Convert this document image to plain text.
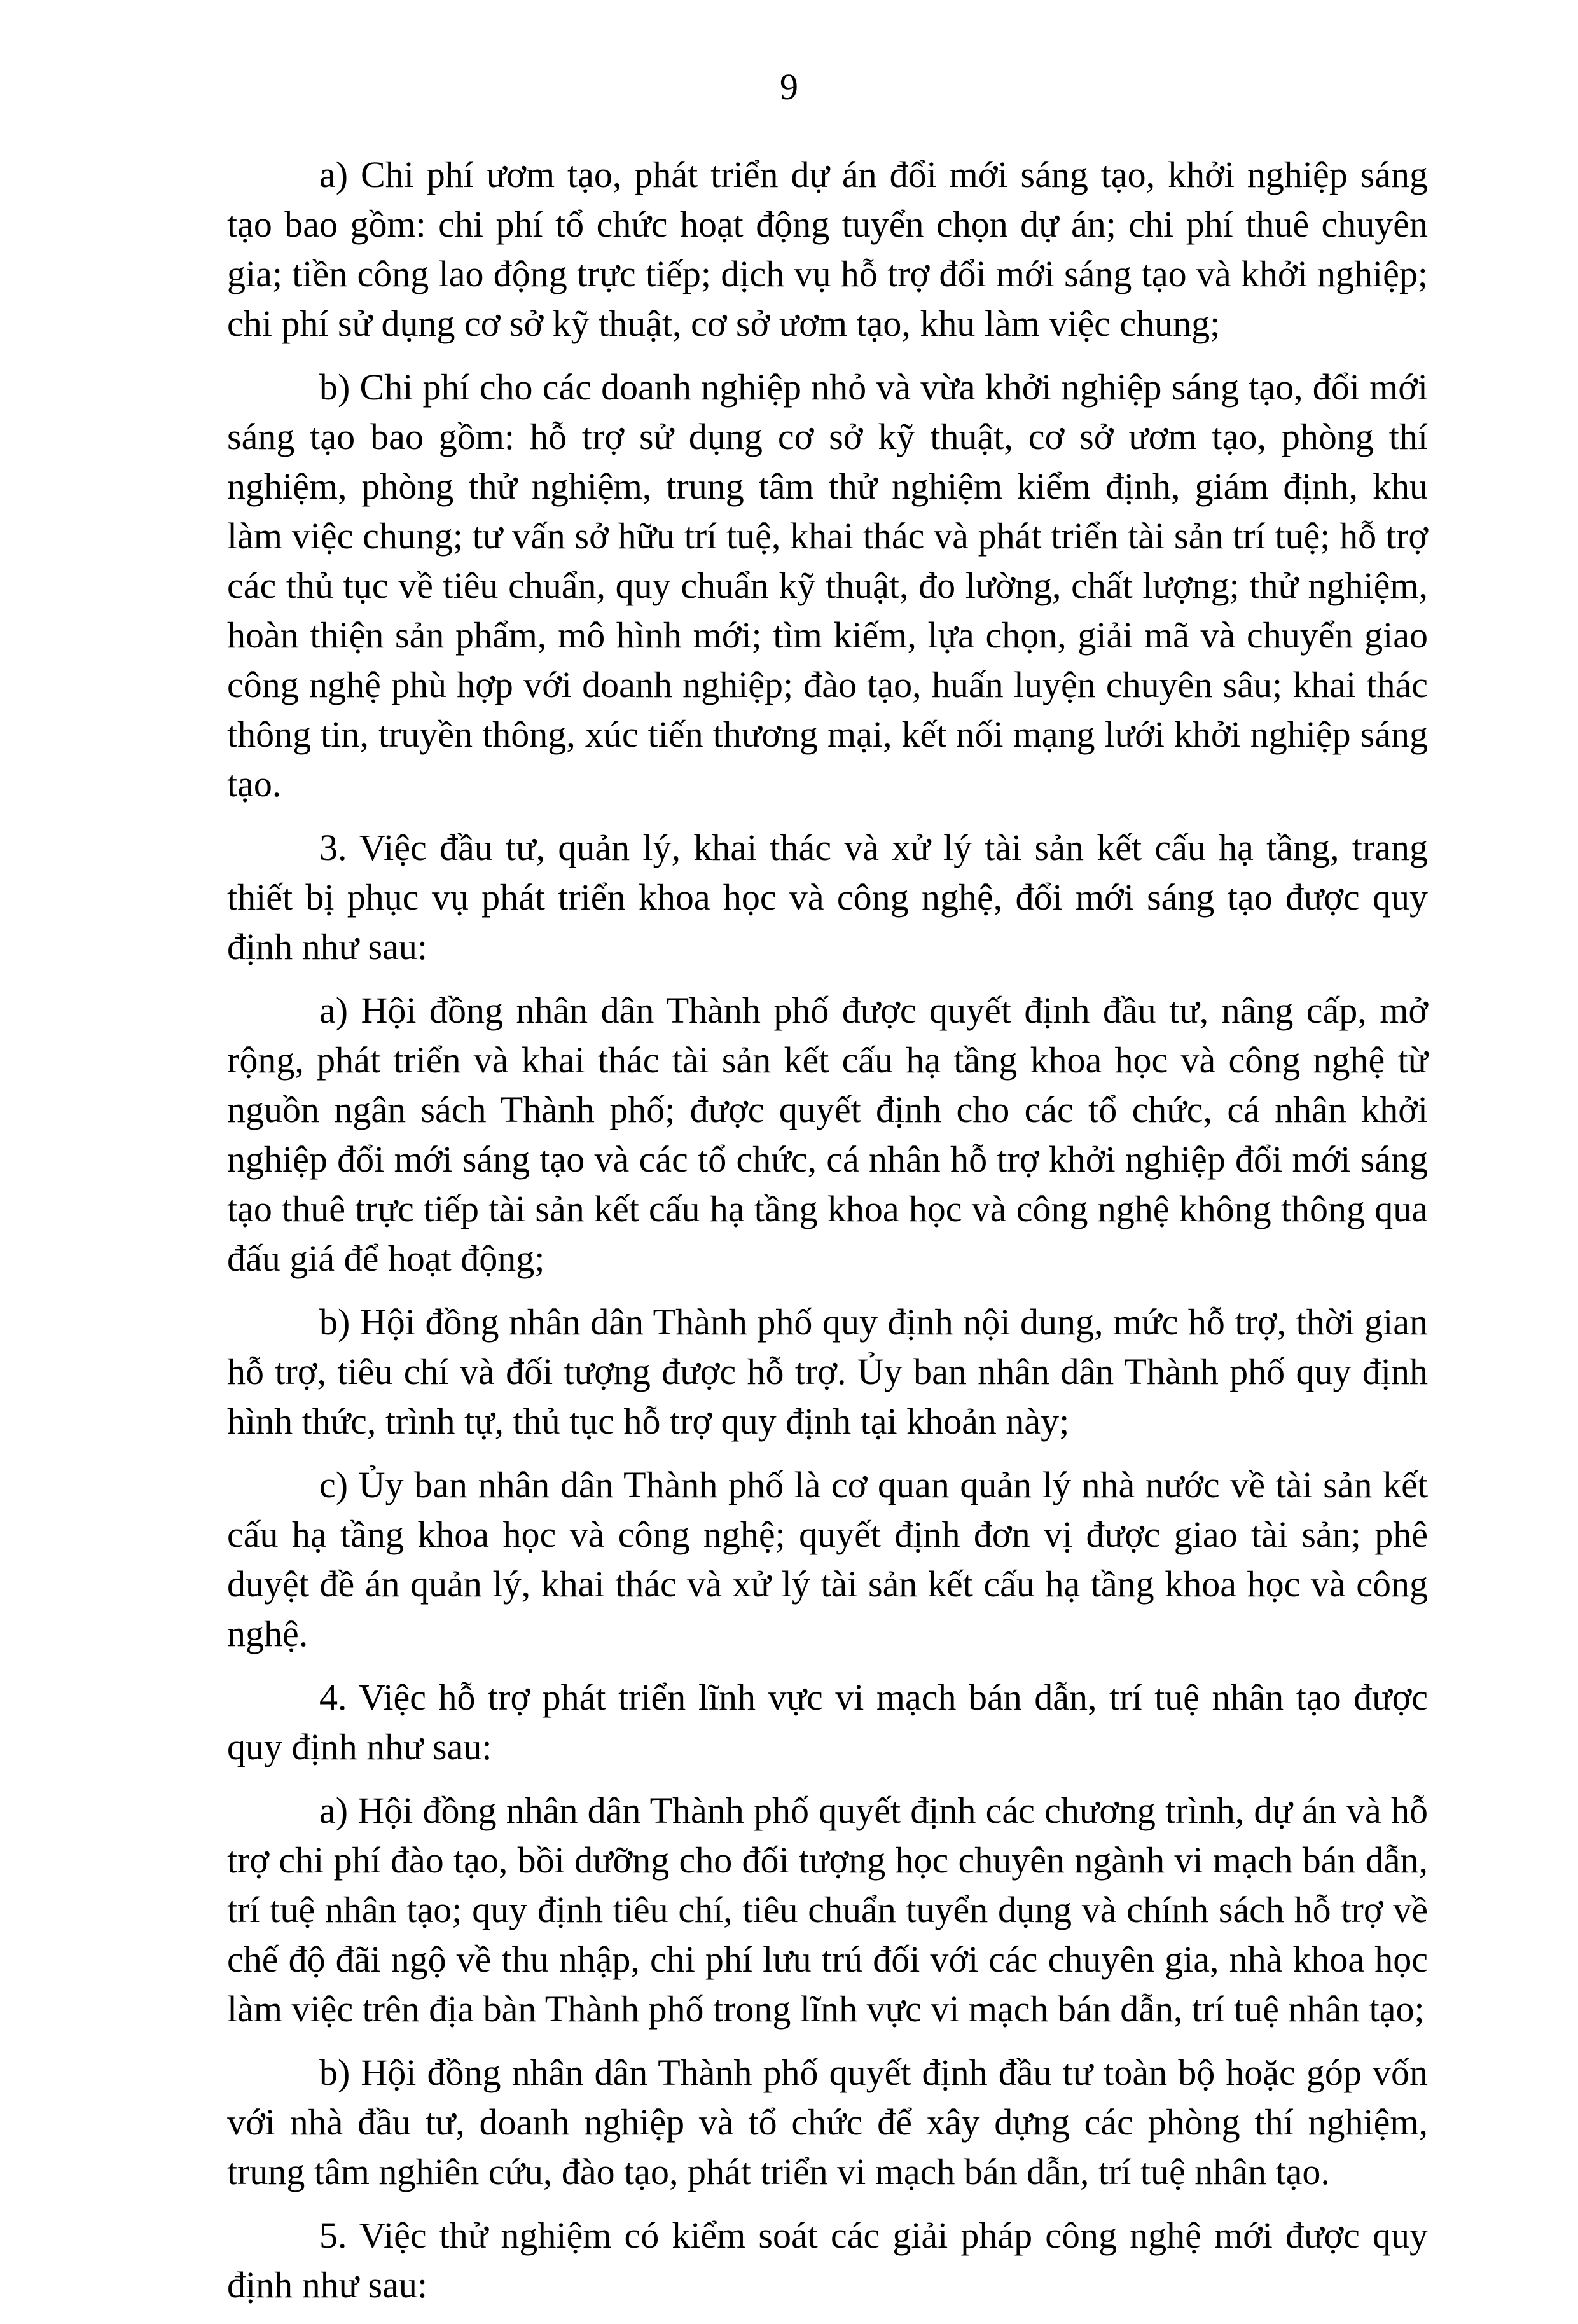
9

a) Chi phí ươm tạo, phát triển dự án đổi mới sáng tạo, khởi nghiệp sáng tạo bao gồm: chi phí tổ chức hoạt động tuyển chọn dự án; chi phí thuê chuyên gia; tiền công lao động trực tiếp; dịch vụ hỗ trợ đổi mới sáng tạo và khởi nghiệp; chi phí sử dụng cơ sở kỹ thuật, cơ sở ươm tạo, khu làm việc chung;

b) Chi phí cho các doanh nghiệp nhỏ và vừa khởi nghiệp sáng tạo, đổi mới sáng tạo bao gồm: hỗ trợ sử dụng cơ sở kỹ thuật, cơ sở ươm tạo, phòng thí nghiệm, phòng thử nghiệm, trung tâm thử nghiệm kiểm định, giám định, khu làm việc chung; tư vấn sở hữu trí tuệ, khai thác và phát triển tài sản trí tuệ; hỗ trợ các thủ tục về tiêu chuẩn, quy chuẩn kỹ thuật, đo lường, chất lượng; thử nghiệm, hoàn thiện sản phẩm, mô hình mới; tìm kiếm, lựa chọn, giải mã và chuyển giao công nghệ phù hợp với doanh nghiệp; đào tạo, huấn luyện chuyên sâu; khai thác thông tin, truyền thông, xúc tiến thương mại, kết nối mạng lưới khởi nghiệp sáng tạo.

3. Việc đầu tư, quản lý, khai thác và xử lý tài sản kết cấu hạ tầng, trang thiết bị phục vụ phát triển khoa học và công nghệ, đổi mới sáng tạo được quy định như sau:

a) Hội đồng nhân dân Thành phố được quyết định đầu tư, nâng cấp, mở rộng, phát triển và khai thác tài sản kết cấu hạ tầng khoa học và công nghệ từ nguồn ngân sách Thành phố; được quyết định cho các tổ chức, cá nhân khởi nghiệp đổi mới sáng tạo và các tổ chức, cá nhân hỗ trợ khởi nghiệp đổi mới sáng tạo thuê trực tiếp tài sản kết cấu hạ tầng khoa học và công nghệ không thông qua đấu giá để hoạt động;

b) Hội đồng nhân dân Thành phố quy định nội dung, mức hỗ trợ, thời gian hỗ trợ, tiêu chí và đối tượng được hỗ trợ. Ủy ban nhân dân Thành phố quy định hình thức, trình tự, thủ tục hỗ trợ quy định tại khoản này;

c) Ủy ban nhân dân Thành phố là cơ quan quản lý nhà nước về tài sản kết cấu hạ tầng khoa học và công nghệ; quyết định đơn vị được giao tài sản; phê duyệt đề án quản lý, khai thác và xử lý tài sản kết cấu hạ tầng khoa học và công nghệ.

4. Việc hỗ trợ phát triển lĩnh vực vi mạch bán dẫn, trí tuệ nhân tạo được quy định như sau:

a) Hội đồng nhân dân Thành phố quyết định các chương trình, dự án và hỗ trợ chi phí đào tạo, bồi dưỡng cho đối tượng học chuyên ngành vi mạch bán dẫn, trí tuệ nhân tạo; quy định tiêu chí, tiêu chuẩn tuyển dụng và chính sách hỗ trợ về chế độ đãi ngộ về thu nhập, chi phí lưu trú đối với các chuyên gia, nhà khoa học làm việc trên địa bàn Thành phố trong lĩnh vực vi mạch bán dẫn, trí tuệ nhân tạo;

b) Hội đồng nhân dân Thành phố quyết định đầu tư toàn bộ hoặc góp vốn với nhà đầu tư, doanh nghiệp và tổ chức để xây dựng các phòng thí nghiệm, trung tâm nghiên cứu, đào tạo, phát triển vi mạch bán dẫn, trí tuệ nhân tạo.

5. Việc thử nghiệm có kiểm soát các giải pháp công nghệ mới được quy định như sau:
